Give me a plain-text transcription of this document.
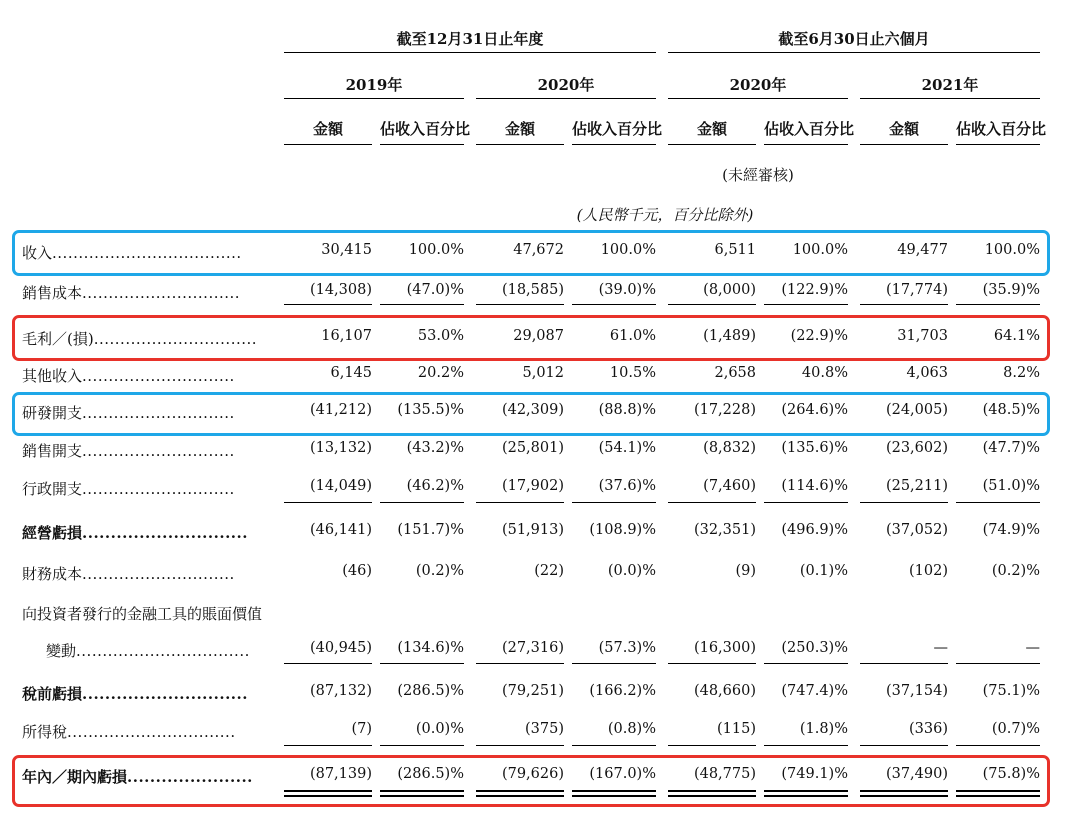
截至12月31日止年度	截至6月30日止六個月
2019年	2020年	2020年	2021年
金額	佔收入百分比	金額	佔收入百分比	金額	佔收入百分比	金額	佔收入百分比
(未經審核)
(人民幣千元，百分比除外)
收入....................................	30,415	100.0%	47,672	100.0%	6,511	100.0%	49,477	100.0%
銷售成本..............................	(14,308)	(47.0)%	(18,585)	(39.0)%	(8,000)	(122.9)%	(17,774)	(35.9)%
毛利／(損)...............................	16,107	53.0%	29,087	61.0%	(1,489)	(22.9)%	31,703	64.1%
其他收入.............................	6,145	20.2%	5,012	10.5%	2,658	40.8%	4,063	8.2%
研發開支.............................	(41,212)	(135.5)%	(42,309)	(88.8)%	(17,228)	(264.6)%	(24,005)	(48.5)%
銷售開支.............................	(13,132)	(43.2)%	(25,801)	(54.1)%	(8,832)	(135.6)%	(23,602)	(47.7)%
行政開支.............................	(14,049)	(46.2)%	(17,902)	(37.6)%	(7,460)	(114.6)%	(25,211)	(51.0)%
經營虧損.............................	(46,141)	(151.7)%	(51,913)	(108.9)%	(32,351)	(496.9)%	(37,052)	(74.9)%
財務成本.............................	(46)	(0.2)%	(22)	(0.0)%	(9)	(0.1)%	(102)	(0.2)%
向投資者發行的金融工具的賬面價值
變動.................................	(40,945)	(134.6)%	(27,316)	(57.3)%	(16,300)	(250.3)%	—	—
稅前虧損.............................	(87,132)	(286.5)%	(79,251)	(166.2)%	(48,660)	(747.4)%	(37,154)	(75.1)%
所得稅................................	(7)	(0.0)%	(375)	(0.8)%	(115)	(1.8)%	(336)	(0.7)%
年內／期內虧損......................	(87,139)	(286.5)%	(79,626)	(167.0)%	(48,775)	(749.1)%	(37,490)	(75.8)%
